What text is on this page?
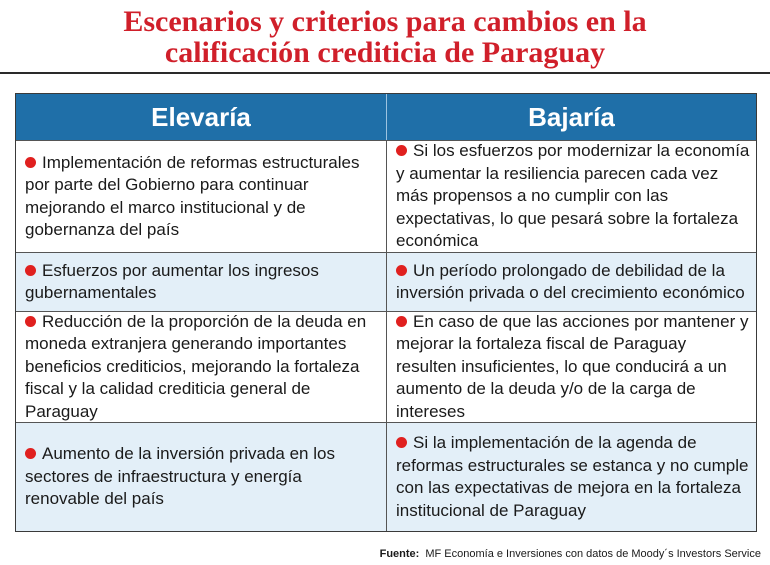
Escenarios y criterios para cambios en la
calificación crediticia de Paraguay
Elevaría	Bajaría
Implementación de reformas estructurales por parte del Gobierno para continuar mejorando el marco institucional y de gobernanza del país
Si los esfuerzos por modernizar la economía y aumentar la resiliencia parecen cada vez más propensos a no cumplir con las expectativas, lo que pesará sobre la fortaleza económica
Esfuerzos por aumentar los ingresos gubernamentales
Un período prolongado de debilidad de la inversión privada o del crecimiento económico
Reducción de la proporción de la deuda en moneda extranjera generando importantes beneficios crediticios, mejorando la fortaleza fiscal y la calidad crediticia general de Paraguay
En caso de que las acciones por mantener y mejorar la fortaleza fiscal de Paraguay resulten insuficientes, lo que conducirá a un aumento de la deuda y/o de la carga de intereses
Aumento de la inversión privada en los sectores de infraestructura y energía renovable del país
Si la implementación de la agenda de reformas estructurales se estanca y no cumple con las expectativas de mejora en la fortaleza institucional de Paraguay
Fuente: MF Economía e Inversiones con datos de Moody´s Investors Service
